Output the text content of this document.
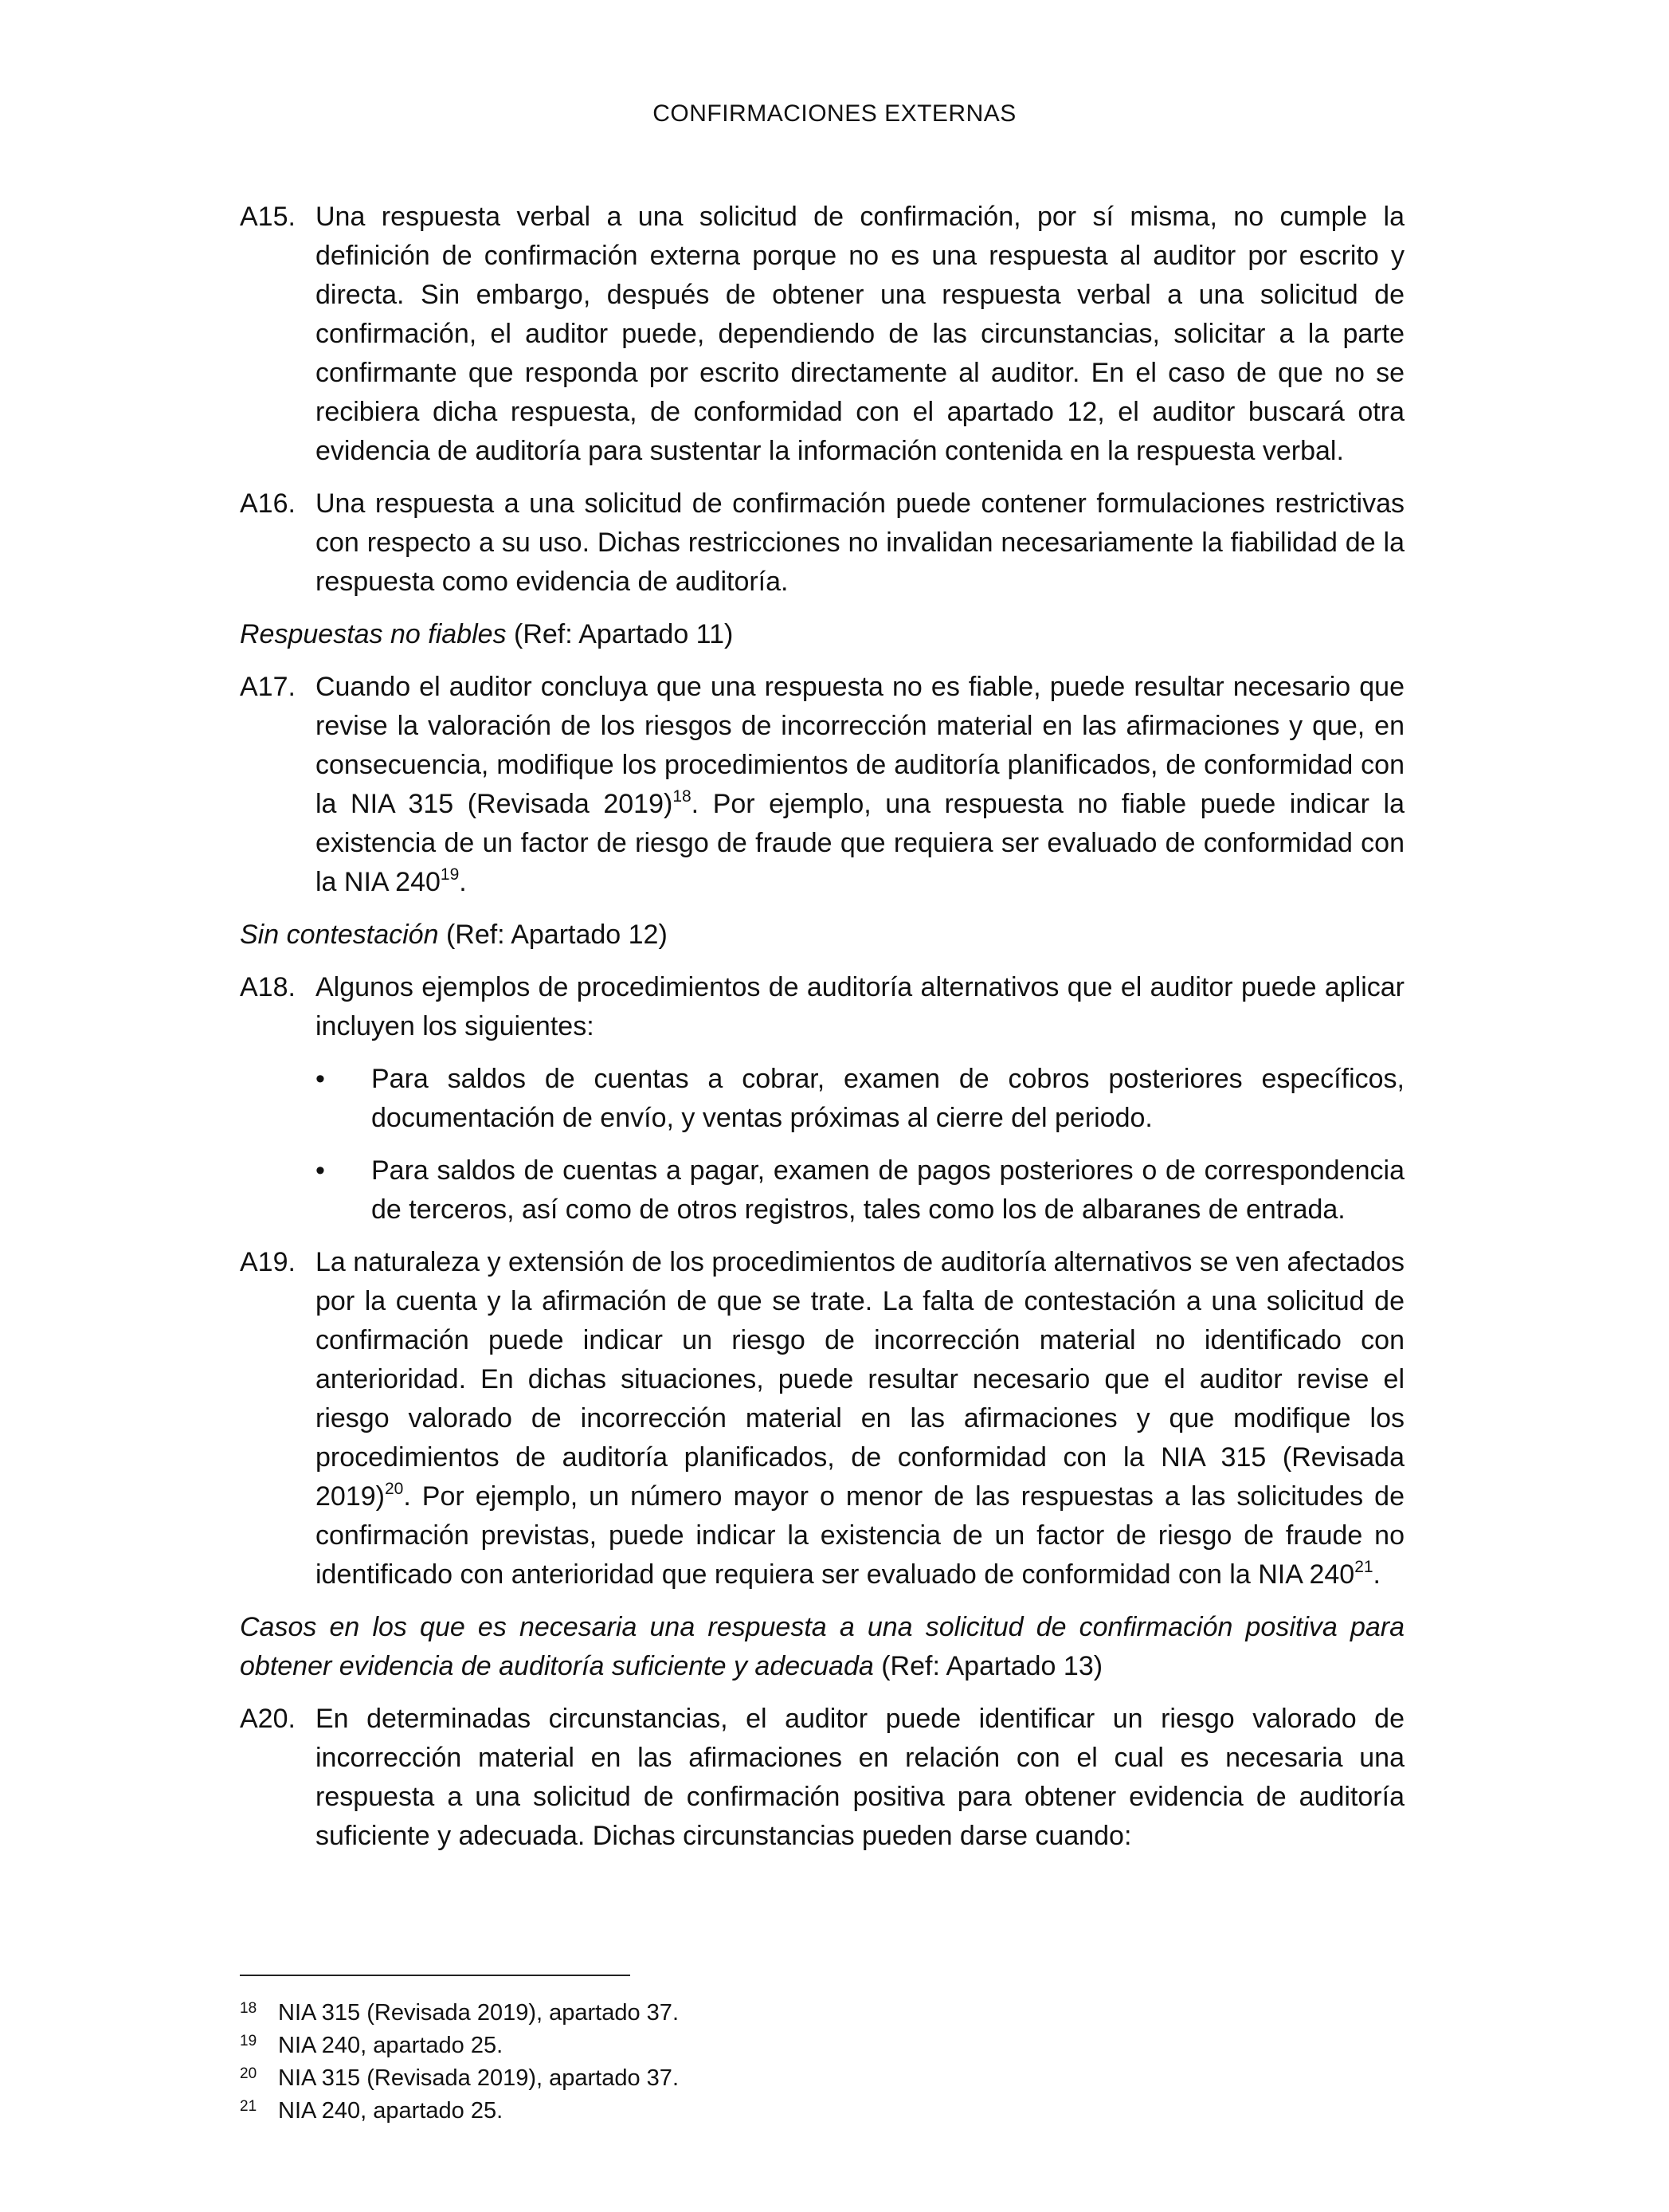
CONFIRMACIONES EXTERNAS
A15. Una respuesta verbal a una solicitud de confirmación, por sí misma, no cumple la definición de confirmación externa porque no es una respuesta al auditor por escrito y directa. Sin embargo, después de obtener una respuesta verbal a una solicitud de confirmación, el auditor puede, dependiendo de las circunstancias, solicitar a la parte confirmante que responda por escrito directamente al auditor. En el caso de que no se recibiera dicha respuesta, de conformidad con el apartado 12, el auditor buscará otra evidencia de auditoría para sustentar la información contenida en la respuesta verbal.
A16. Una respuesta a una solicitud de confirmación puede contener formulaciones restrictivas con respecto a su uso. Dichas restricciones no invalidan necesariamente la fiabilidad de la respuesta como evidencia de auditoría.
Respuestas no fiables (Ref: Apartado 11)
A17. Cuando el auditor concluya que una respuesta no es fiable, puede resultar necesario que revise la valoración de los riesgos de incorrección material en las afirmaciones y que, en consecuencia, modifique los procedimientos de auditoría planificados, de conformidad con la NIA 315 (Revisada 2019)$^{18}$. Por ejemplo, una respuesta no fiable puede indicar la existencia de un factor de riesgo de fraude que requiera ser evaluado de conformidad con la NIA $240^{19}$.
Sin contestación (Ref: Apartado 12)
A18. Algunos ejemplos de procedimientos de auditoría alternativos que el auditor puede aplicar incluyen los siguientes:
•	Para saldos de cuentas a cobrar, examen de cobros posteriores específicos, documentación de envío, y ventas próximas al cierre del periodo.
•	Para saldos de cuentas a pagar, examen de pagos posteriores o de correspondencia de terceros, así como de otros registros, tales como los de albaranes de entrada.
A19. La naturaleza y extensión de los procedimientos de auditoría alternativos se ven afectados por la cuenta y la afirmación de que se trate. La falta de contestación a una solicitud de confirmación puede indicar un riesgo de incorrección material no identificado con anterioridad. En dichas situaciones, puede resultar necesario que el auditor revise el riesgo valorado de incorrección material en las afirmaciones y que modifique los procedimientos de auditoría planificados, de conformidad con la NIA 315 (Revisada 2019)$^{20}$. Por ejemplo, un número mayor o menor de las respuestas a las solicitudes de confirmación previstas, puede indicar la existencia de un factor de riesgo de fraude no identificado con anterioridad que requiera ser evaluado de conformidad con la NIA $240^{21}$.
Casos en los que es necesaria una respuesta a una solicitud de confirmación positiva para obtener evidencia de auditoría suficiente y adecuada (Ref: Apartado 13)
A20. En determinadas circunstancias, el auditor puede identificar un riesgo valorado de incorrección material en las afirmaciones en relación con el cual es necesaria una respuesta a una solicitud de confirmación positiva para obtener evidencia de auditoría suficiente y adecuada. Dichas circunstancias pueden darse cuando:
18 NIA 315 (Revisada 2019), apartado 37.
19 NIA 240, apartado 25.
20 NIA 315 (Revisada 2019), apartado 37.
21 NIA 240, apartado 25.
